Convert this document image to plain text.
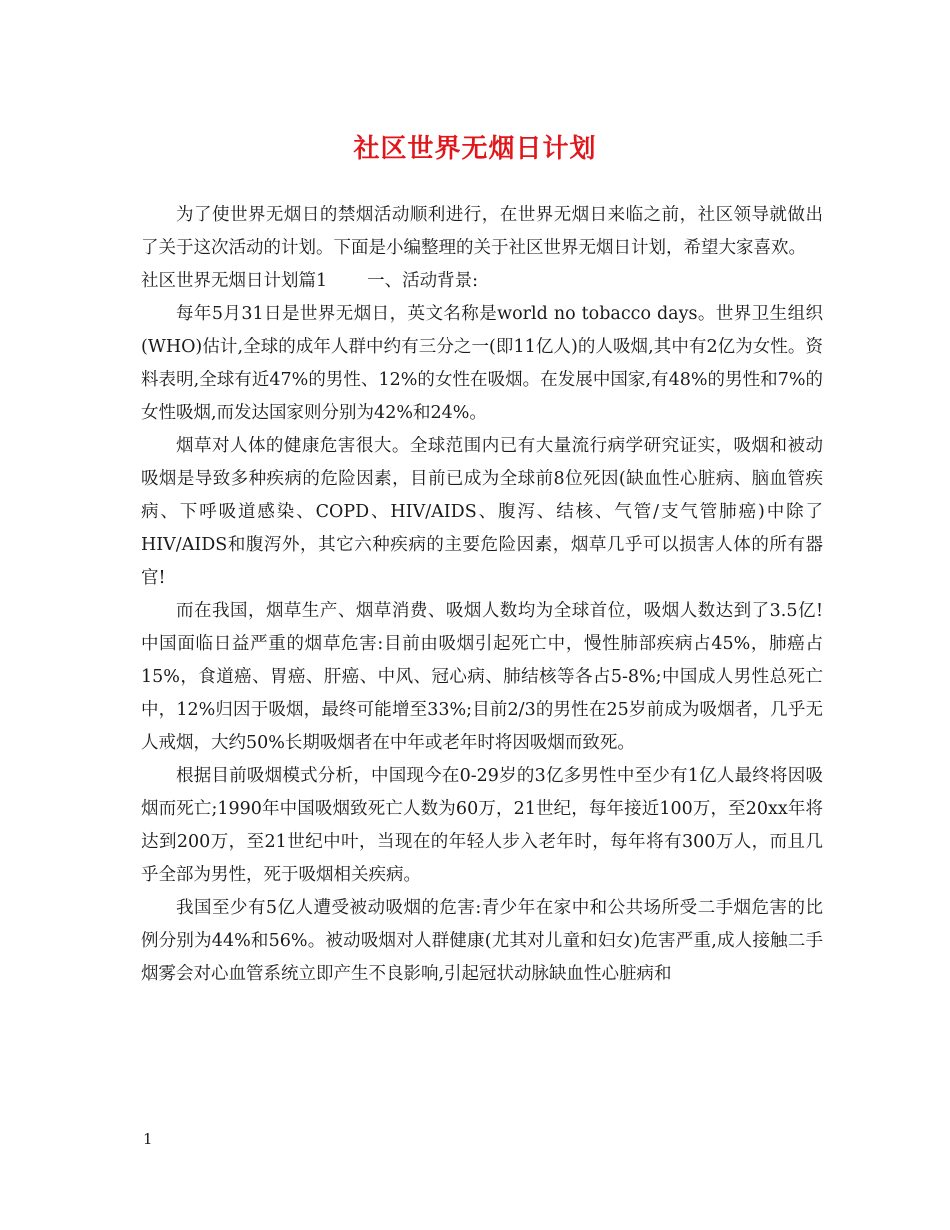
社区世界无烟日计划

为了使世界无烟日的禁烟活动顺利进行，在世界无烟日来临之前，社区领导就做出了关于这次活动的计划。下面是小编整理的关于社区世界无烟日计划，希望大家喜欢。

社区世界无烟日计划篇1 一、活动背景:

每年5月31日是世界无烟日，英文名称是world no tobacco days。世界卫生组织(WHO)估计,全球的成年人群中约有三分之一(即11亿人)的人吸烟,其中有2亿为女性。资料表明,全球有近47%的男性、12%的女性在吸烟。在发展中国家,有48%的男性和7%的女性吸烟,而发达国家则分别为42%和24%。

烟草对人体的健康危害很大。全球范围内已有大量流行病学研究证实，吸烟和被动吸烟是导致多种疾病的危险因素，目前已成为全球前8位死因(缺血性心脏病、脑血管疾病、下呼吸道感染、COPD、HIV/AIDS、腹泻、结核、气管/支气管肺癌)中除了HIV/AIDS和腹泻外，其它六种疾病的主要危险因素，烟草几乎可以损害人体的所有器官!

而在我国，烟草生产、烟草消费、吸烟人数均为全球首位，吸烟人数达到了3.5亿!中国面临日益严重的烟草危害:目前由吸烟引起死亡中，慢性肺部疾病占45%，肺癌占15%，食道癌、胃癌、肝癌、中风、冠心病、肺结核等各占5-8%;中国成人男性总死亡中，12%归因于吸烟，最终可能增至33%;目前2/3的男性在25岁前成为吸烟者，几乎无人戒烟，大约50%长期吸烟者在中年或老年时将因吸烟而致死。

根据目前吸烟模式分析，中国现今在0-29岁的3亿多男性中至少有1亿人最终将因吸烟而死亡;1990年中国吸烟致死亡人数为60万，21世纪，每年接近100万，至20xx年将达到200万，至21世纪中叶，当现在的年轻人步入老年时，每年将有300万人，而且几乎全部为男性，死于吸烟相关疾病。

我国至少有5亿人遭受被动吸烟的危害:青少年在家中和公共场所受二手烟危害的比例分别为44%和56%。被动吸烟对人群健康(尤其对儿童和妇女)危害严重,成人接触二手烟雾会对心血管系统立即产生不良影响,引起冠状动脉缺血性心脏病和

1
